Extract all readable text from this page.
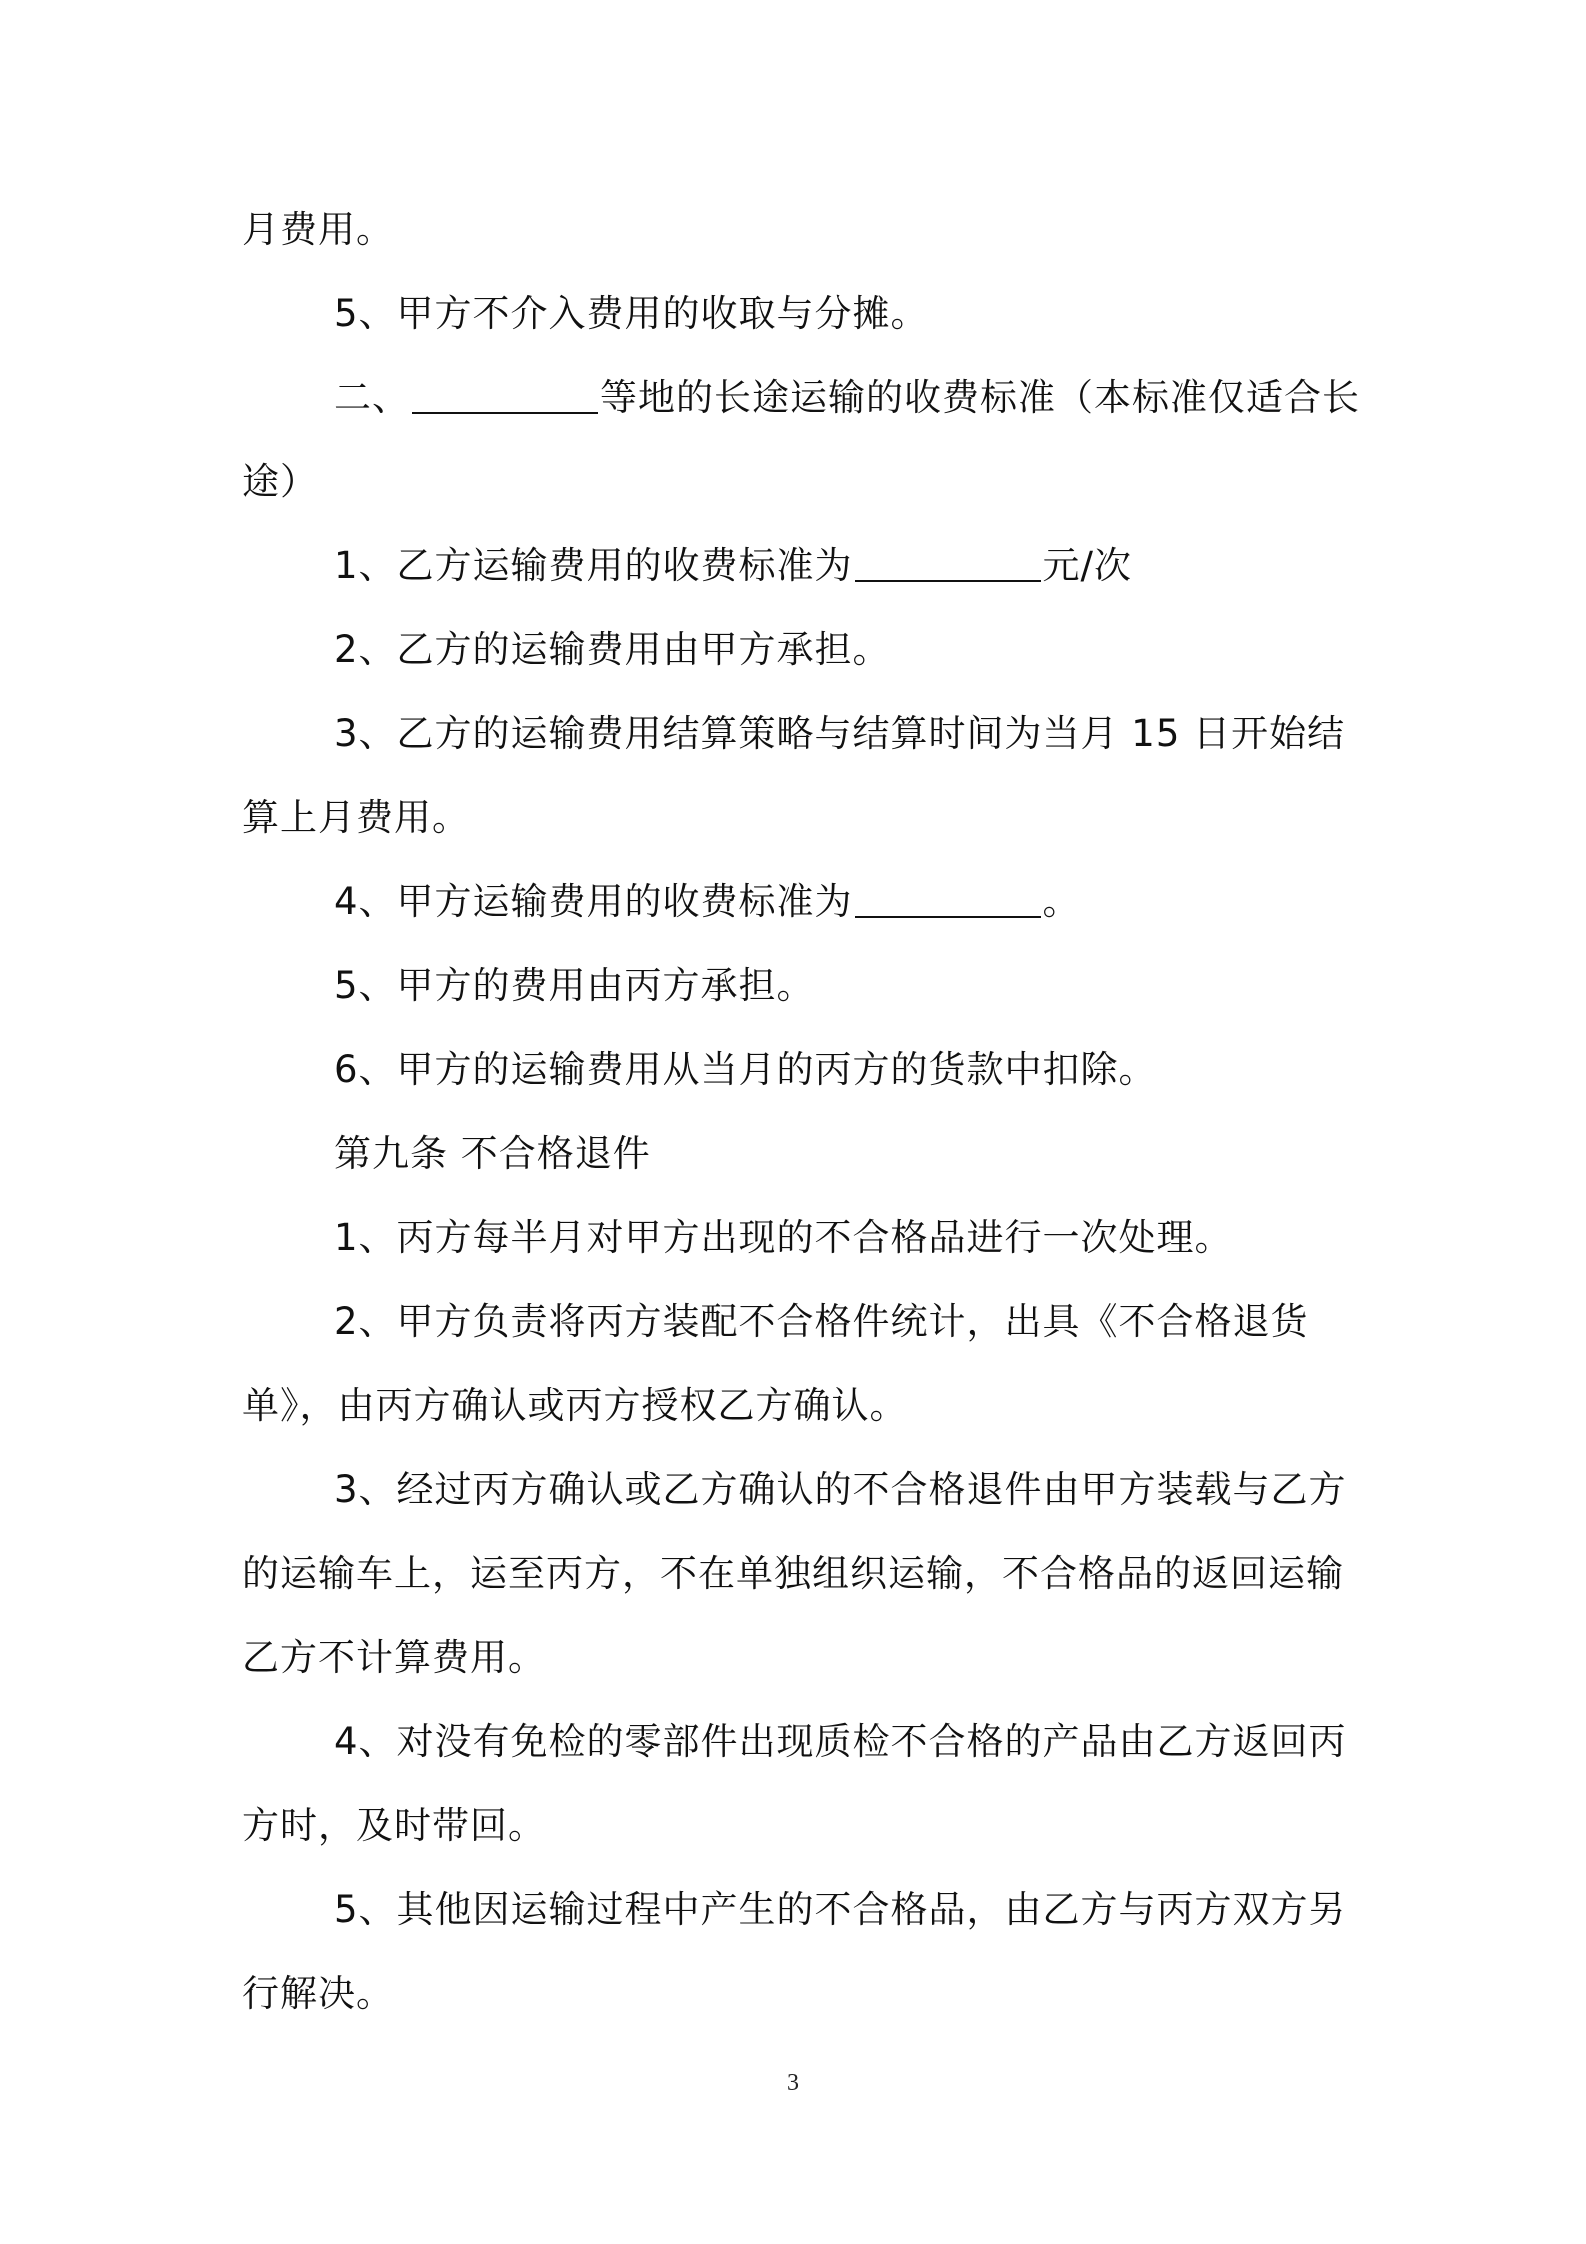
月费用。
5、甲方不介入费用的收取与分摊。
二、	等地的长途运输的收费标准（本标准仅适合长
途）
1、乙方运输费用的收费标准为	元/次
2、乙方的运输费用由甲方承担。
3、乙方的运输费用结算策略与结算时间为当月 15 日开始结算上月费用。
4、甲方运输费用的收费标准为	。
5、甲方的费用由丙方承担。
6、甲方的运输费用从当月的丙方的货款中扣除。
第九条 不合格退件
1、丙方每半月对甲方出现的不合格品进行一次处理。
2、甲方负责将丙方装配不合格件统计，出具《不合格退货单》，由丙方确认或丙方授权乙方确认。
3、经过丙方确认或乙方确认的不合格退件由甲方装载与乙方的运输车上，运至丙方，不在单独组织运输，不合格品的返回运输乙方不计算费用。
4、对没有免检的零部件出现质检不合格的产品由乙方返回丙方时，及时带回。
5、其他因运输过程中产生的不合格品，由乙方与丙方双方另行解决。
3
